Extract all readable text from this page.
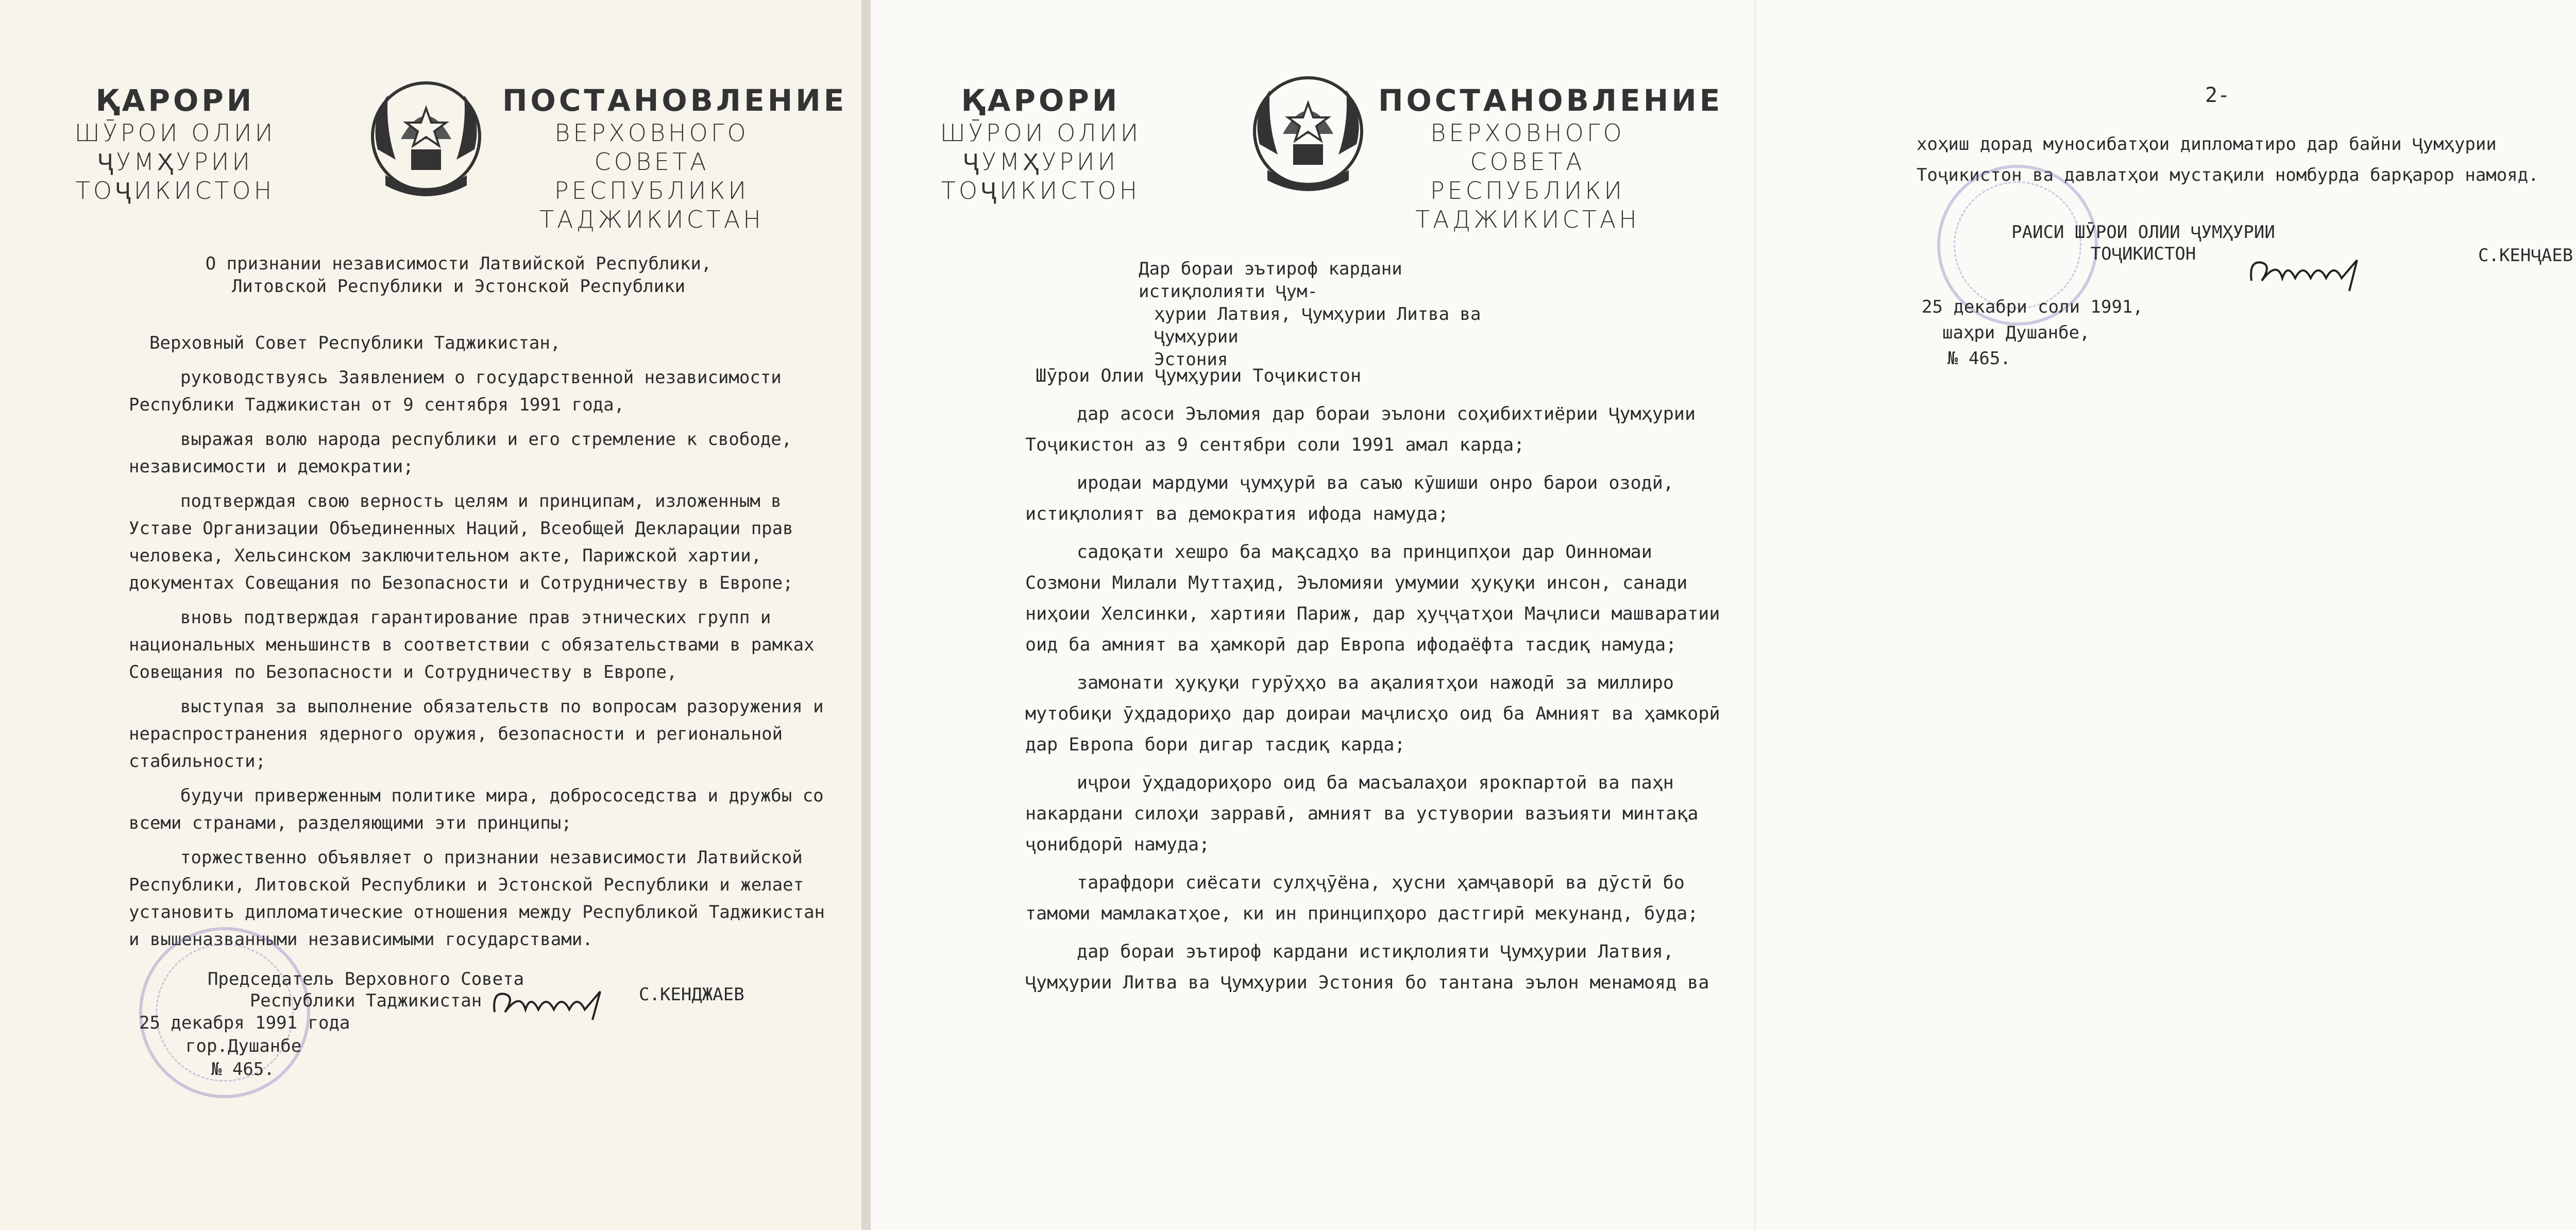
ҚАРОРИ
ШӮРОИ ОЛИИ
ҶУМҲУРИИ
ТОҶИКИСТОН
ПОСТАНОВЛЕНИЕ
ВЕРХОВНОГО СОВЕТА
РЕСПУБЛИКИ
ТАДЖИКИСТАН
О признании независимости Латвийской Республики,
Литовской Республики и Эстонской Республики

Верховный Совет Республики Таджикистан,

руководствуясь Заявлением о государственной независимости Республики Таджикистан от 9 сентября 1991 года,

выражая волю народа республики и его стремление к свободе, независимости и демократии;

подтверждая свою верность целям и принципам, изложенным в Уставе Организации Объединенных Наций, Всеобщей Декларации прав человека, Хельсинском заключительном акте, Парижской хартии, документах Совещания по Безопасности и Сотрудничеству в Европе;

вновь подтверждая гарантирование прав этнических групп и национальных меньшинств в соответствии с обязательствами в рамках Совещания по Безопасности и Сотрудничеству в Европе,

выступая за выполнение обязательств по вопросам разоружения и нераспространения ядерного оружия, безопасности и региональной стабильности;

будучи приверженным политике мира, добрососедства и дружбы со всеми странами, разделяющими эти принципы;

торжественно объявляет о признании независимости Латвийской Республики, Литовской Республики и Эстонской Республики и желает установить дипломатические отношения между Республикой Таджикистан и вышеназванными независимыми государствами.

Председатель Верховного Совета
Республики Таджикистан	С.КЕНДЖАЕВ
25 декабря 1991 года
гор.Душанбе
№ 465.
ҚАРОРИ
ШӮРОИ ОЛИИ
ҶУМҲУРИИ
ТОҶИКИСТОН
ПОСТАНОВЛЕНИЕ
ВЕРХОВНОГО СОВЕТА
РЕСПУБЛИКИ
ТАДЖИКИСТАН
Дар бораи эътироф кардани истиқлолияти Ҷум-
ҳурии Латвия, Ҷумҳурии Литва ва Ҷумҳурии
Эстония

Шӯрои Олии Ҷумҳурии Тоҷикистон

дар асоси Эъломия дар бораи эълони соҳибихтиёрии Ҷумҳурии Тоҷикистон аз 9 сентябри соли 1991 амал карда;

иродаи мардуми ҷумҳурӣ ва саъю кӯшиши онро барои озодӣ, истиқлолият ва демократия ифода намуда;

садоқати хешро ба мақсадҳо ва принципҳои дар Оинномаи Созмони Милали Муттаҳид, Эъломияи умумии ҳуқуқи инсон, санади ниҳоии Хелсинки, хартияи Париж, дар ҳуҷҷатҳои Маҷлиси машваратии оид ба амният ва ҳамкорӣ дар Европа ифодаёфта тасдиқ намуда;

замонати ҳуқуқи гурӯҳҳо ва ақалиятҳои нажодӣ за миллиро мутобиқи ӯҳдадориҳо дар доираи маҷлисҳо оид ба Амният ва ҳамкорӣ дар Европа бори дигар тасдиқ карда;

иҷрои ӯҳдадориҳоро оид ба масъалаҳои ярокпартоӣ ва паҳн накардани силоҳи зарравӣ, амният ва устувории вазъияти минтақа ҷонибдорӣ намуда;

тарафдори сиёсати сулҳҷӯёна, ҳусни ҳамҷаворӣ ва дӯстӣ бо тамоми мамлакатҳое, ки ин принципҳоро дастгирӣ мекунанд, буда;

дар бораи эътироф кардани истиқлолияти Ҷумҳурии Латвия, Ҷумҳурии Литва ва Ҷумҳурии Эстония бо тантана эълон менамояд ва

2-
хоҳиш дорад муносибатҳои дипломатиро дар байни Ҷумҳурии
Тоҷикистон ва давлатҳои мустақили номбурда барқарор намояд.
РАИСИ ШӮРОИ ОЛИИ ҶУМҲУРИИ
ТОҶИКИСТОН	С.КЕНҶАЕВ
25 декабри соли 1991,
шаҳри Душанбе,
№ 465.
